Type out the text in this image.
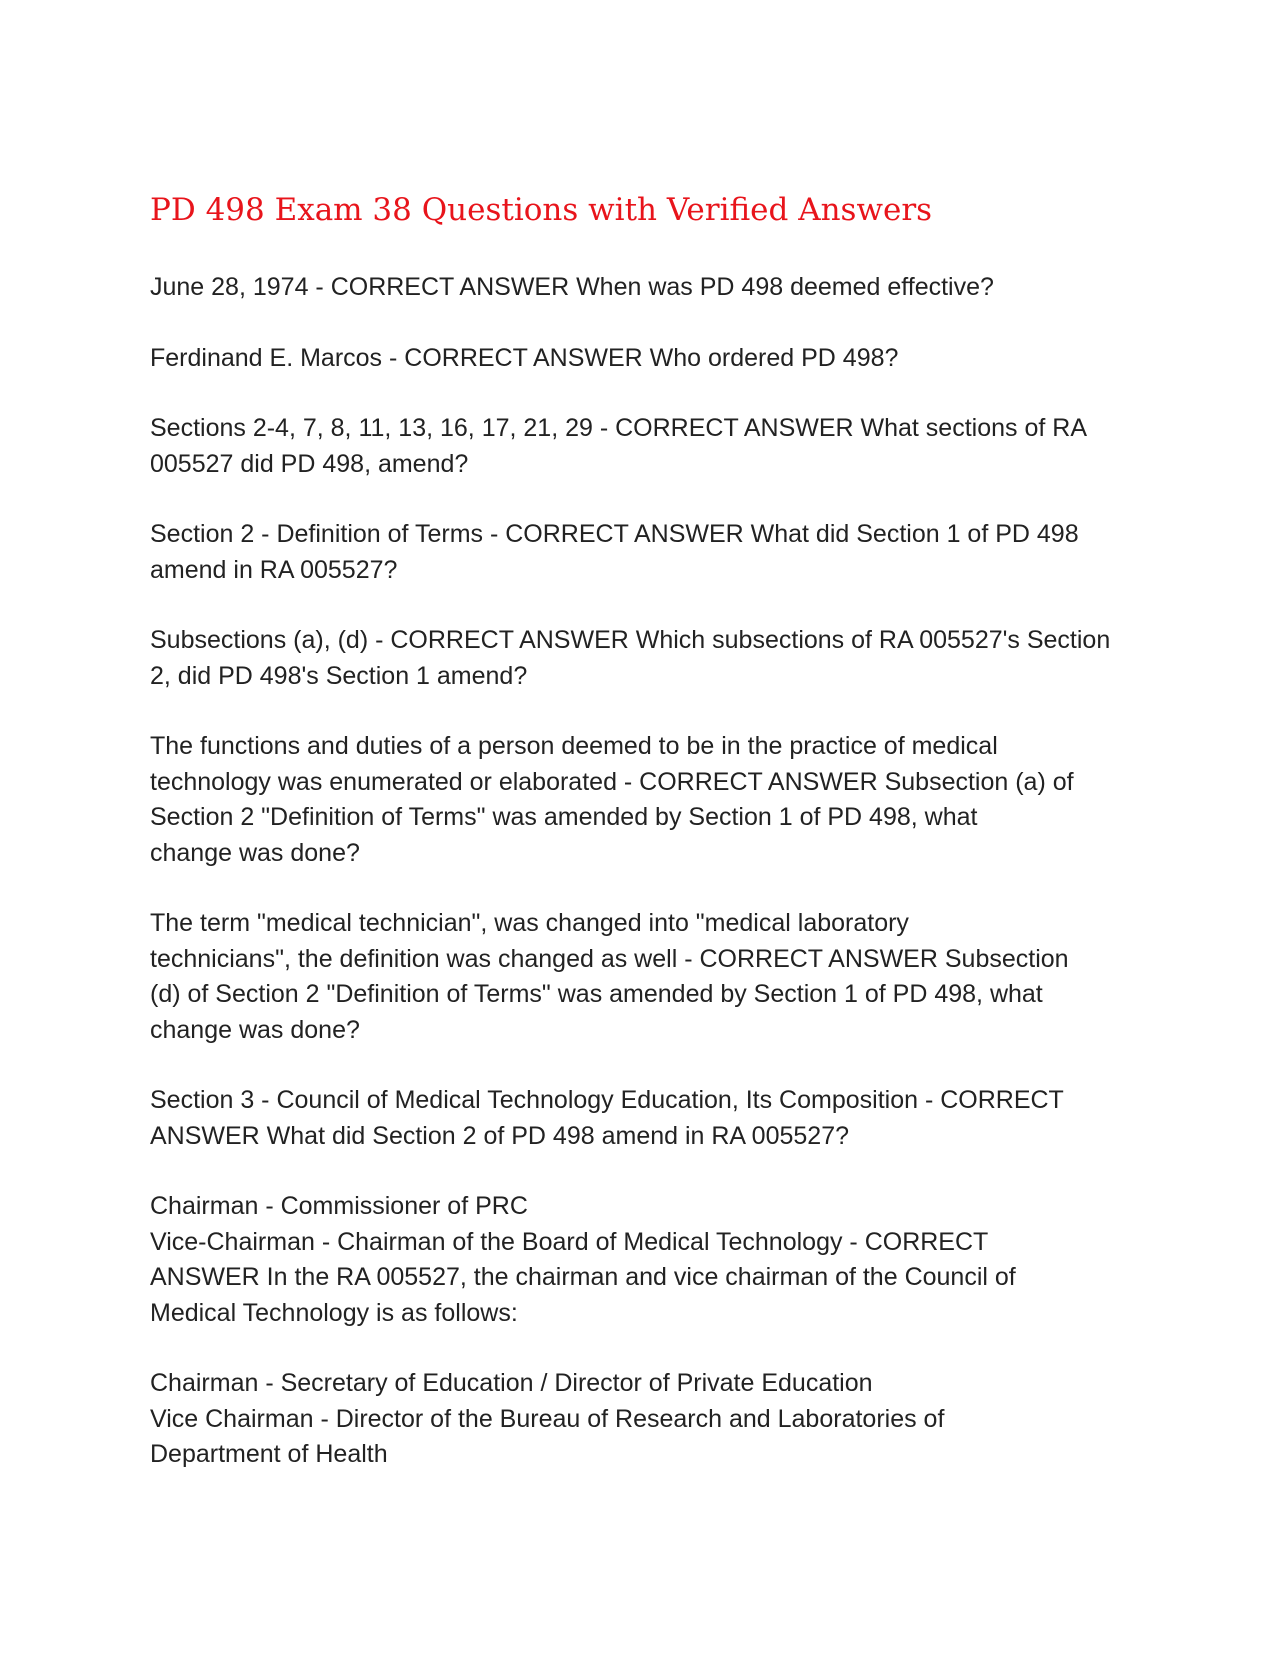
PD 498 Exam 38 Questions with Verified Answers

June 28, 1974 - CORRECT ANSWER When was PD 498 deemed effective?

Ferdinand E. Marcos - CORRECT ANSWER Who ordered PD 498?

Sections 2-4, 7, 8, 11, 13, 16, 17, 21, 29 - CORRECT ANSWER What sections of RA
005527 did PD 498, amend?

Section 2 - Definition of Terms - CORRECT ANSWER What did Section 1 of PD 498
amend in RA 005527?

Subsections (a), (d) - CORRECT ANSWER Which subsections of RA 005527's Section
2, did PD 498's Section 1 amend?

The functions and duties of a person deemed to be in the practice of medical
technology was enumerated or elaborated - CORRECT ANSWER Subsection (a) of
Section 2 "Definition of Terms" was amended by Section 1 of PD 498, what
change was done?

The term "medical technician", was changed into "medical laboratory
technicians", the definition was changed as well - CORRECT ANSWER Subsection
(d) of Section 2 "Definition of Terms" was amended by Section 1 of PD 498, what
change was done?

Section 3 - Council of Medical Technology Education, Its Composition - CORRECT
ANSWER What did Section 2 of PD 498 amend in RA 005527?

Chairman - Commissioner of PRC
Vice-Chairman - Chairman of the Board of Medical Technology - CORRECT
ANSWER In the RA 005527, the chairman and vice chairman of the Council of
Medical Technology is as follows:

Chairman - Secretary of Education / Director of Private Education
Vice Chairman - Director of the Bureau of Research and Laboratories of
Department of Health
